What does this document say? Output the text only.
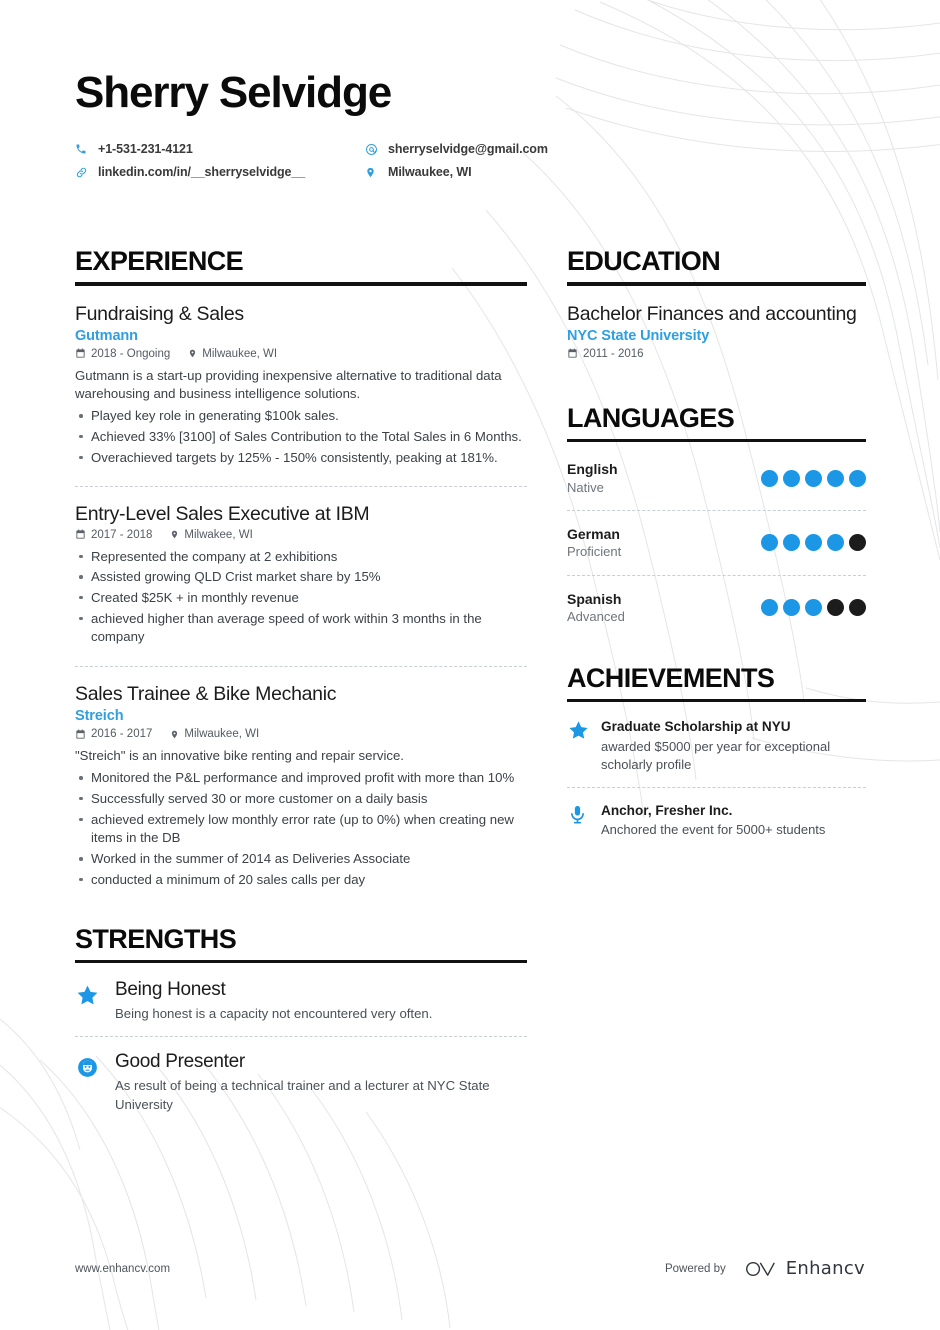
Sherry Selvidge
+1-531-231-4121	sherryselvidge@gmail.com
linkedin.com/in/__sherryselvidge__	Milwaukee, WI
EXPERIENCE
Fundraising & Sales
Gutmann
2018 - Ongoing	Milwaukee, WI

Gutmann is a start-up providing inexpensive alternative to traditional data warehousing and business intelligence solutions.

Played key role in generating $100k sales.
Achieved 33% [3100] of Sales Contribution to the Total Sales in 6 Months.
Overachieved targets by 125% - 150% consistently, peaking at 181%.
Entry-Level Sales Executive at IBM
2017 - 2018	Milwakee, WI
Represented the company at 2 exhibitions
Assisted growing QLD Crist market share by 15%
Created $25K + in monthly revenue
achieved higher than average speed of work within 3 months in the company
Sales Trainee & Bike Mechanic
Streich
2016 - 2017	Milwaukee, WI

"Streich" is an innovative bike renting and repair service.

Monitored the P&L performance and improved profit with more than 10%
Successfully served 30 or more customer on a daily basis
achieved extremely low monthly error rate (up to 0%) when creating new items in the DB
Worked in the summer of 2014 as Deliveries Associate
conducted a minimum of 20 sales calls per day
STRENGTHS
Being Honest

Being honest is a capacity not encountered very often.

Good Presenter

As result of being a technical trainer and a lecturer at NYC State University

EDUCATION
Bachelor Finances and accounting
NYC State University
2011 - 2016
LANGUAGES
English
Native
German
Proficient
Spanish
Advanced
ACHIEVEMENTS
Graduate Scholarship at NYU

awarded $5000 per year for exceptional scholarly profile

Anchor, Fresher Inc.

Anchored the event for 5000+ students

www.enhancv.com	Powered by	Enhancv
